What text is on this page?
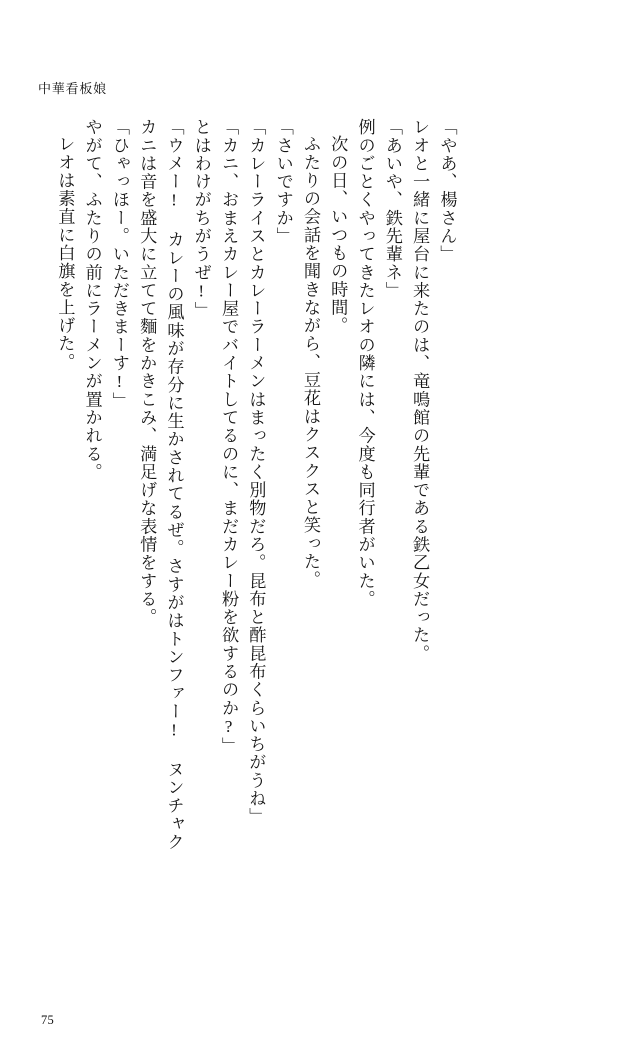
中華看板娘
レオは素直に白旗を上げた。 やがて、ふたりの前にラーメンが置かれる。 「ひゃっほー。いただきまーす!」 カニは音を盛大に立てて麵をかきこみ、満足げな表情をする。 「ウメー! カレーの風味が存分に生かされてるぜ。さすがはトンファー! ヌンチャク とはわけがちがうぜ!」 「カニ、おまえカレー屋でバイトしてるのに、まだカレー粉を欲するのか?」 「カレーライスとカレーラーメンはまったく別物だろ。昆布と酢昆布くらいちがうね」 「さいですか」 ふたりの会話を聞きながら、豆花はクスクスと笑った。 次の日、いつもの時間。 例のごとくやってきたレオの隣には、今度も同行者がいた。 「あいや、鉄先輩ネ」 レオと一緒に屋台に来たのは、竜鳴館の先輩である鉄乙女だった。 「やあ、楊さん」
75
